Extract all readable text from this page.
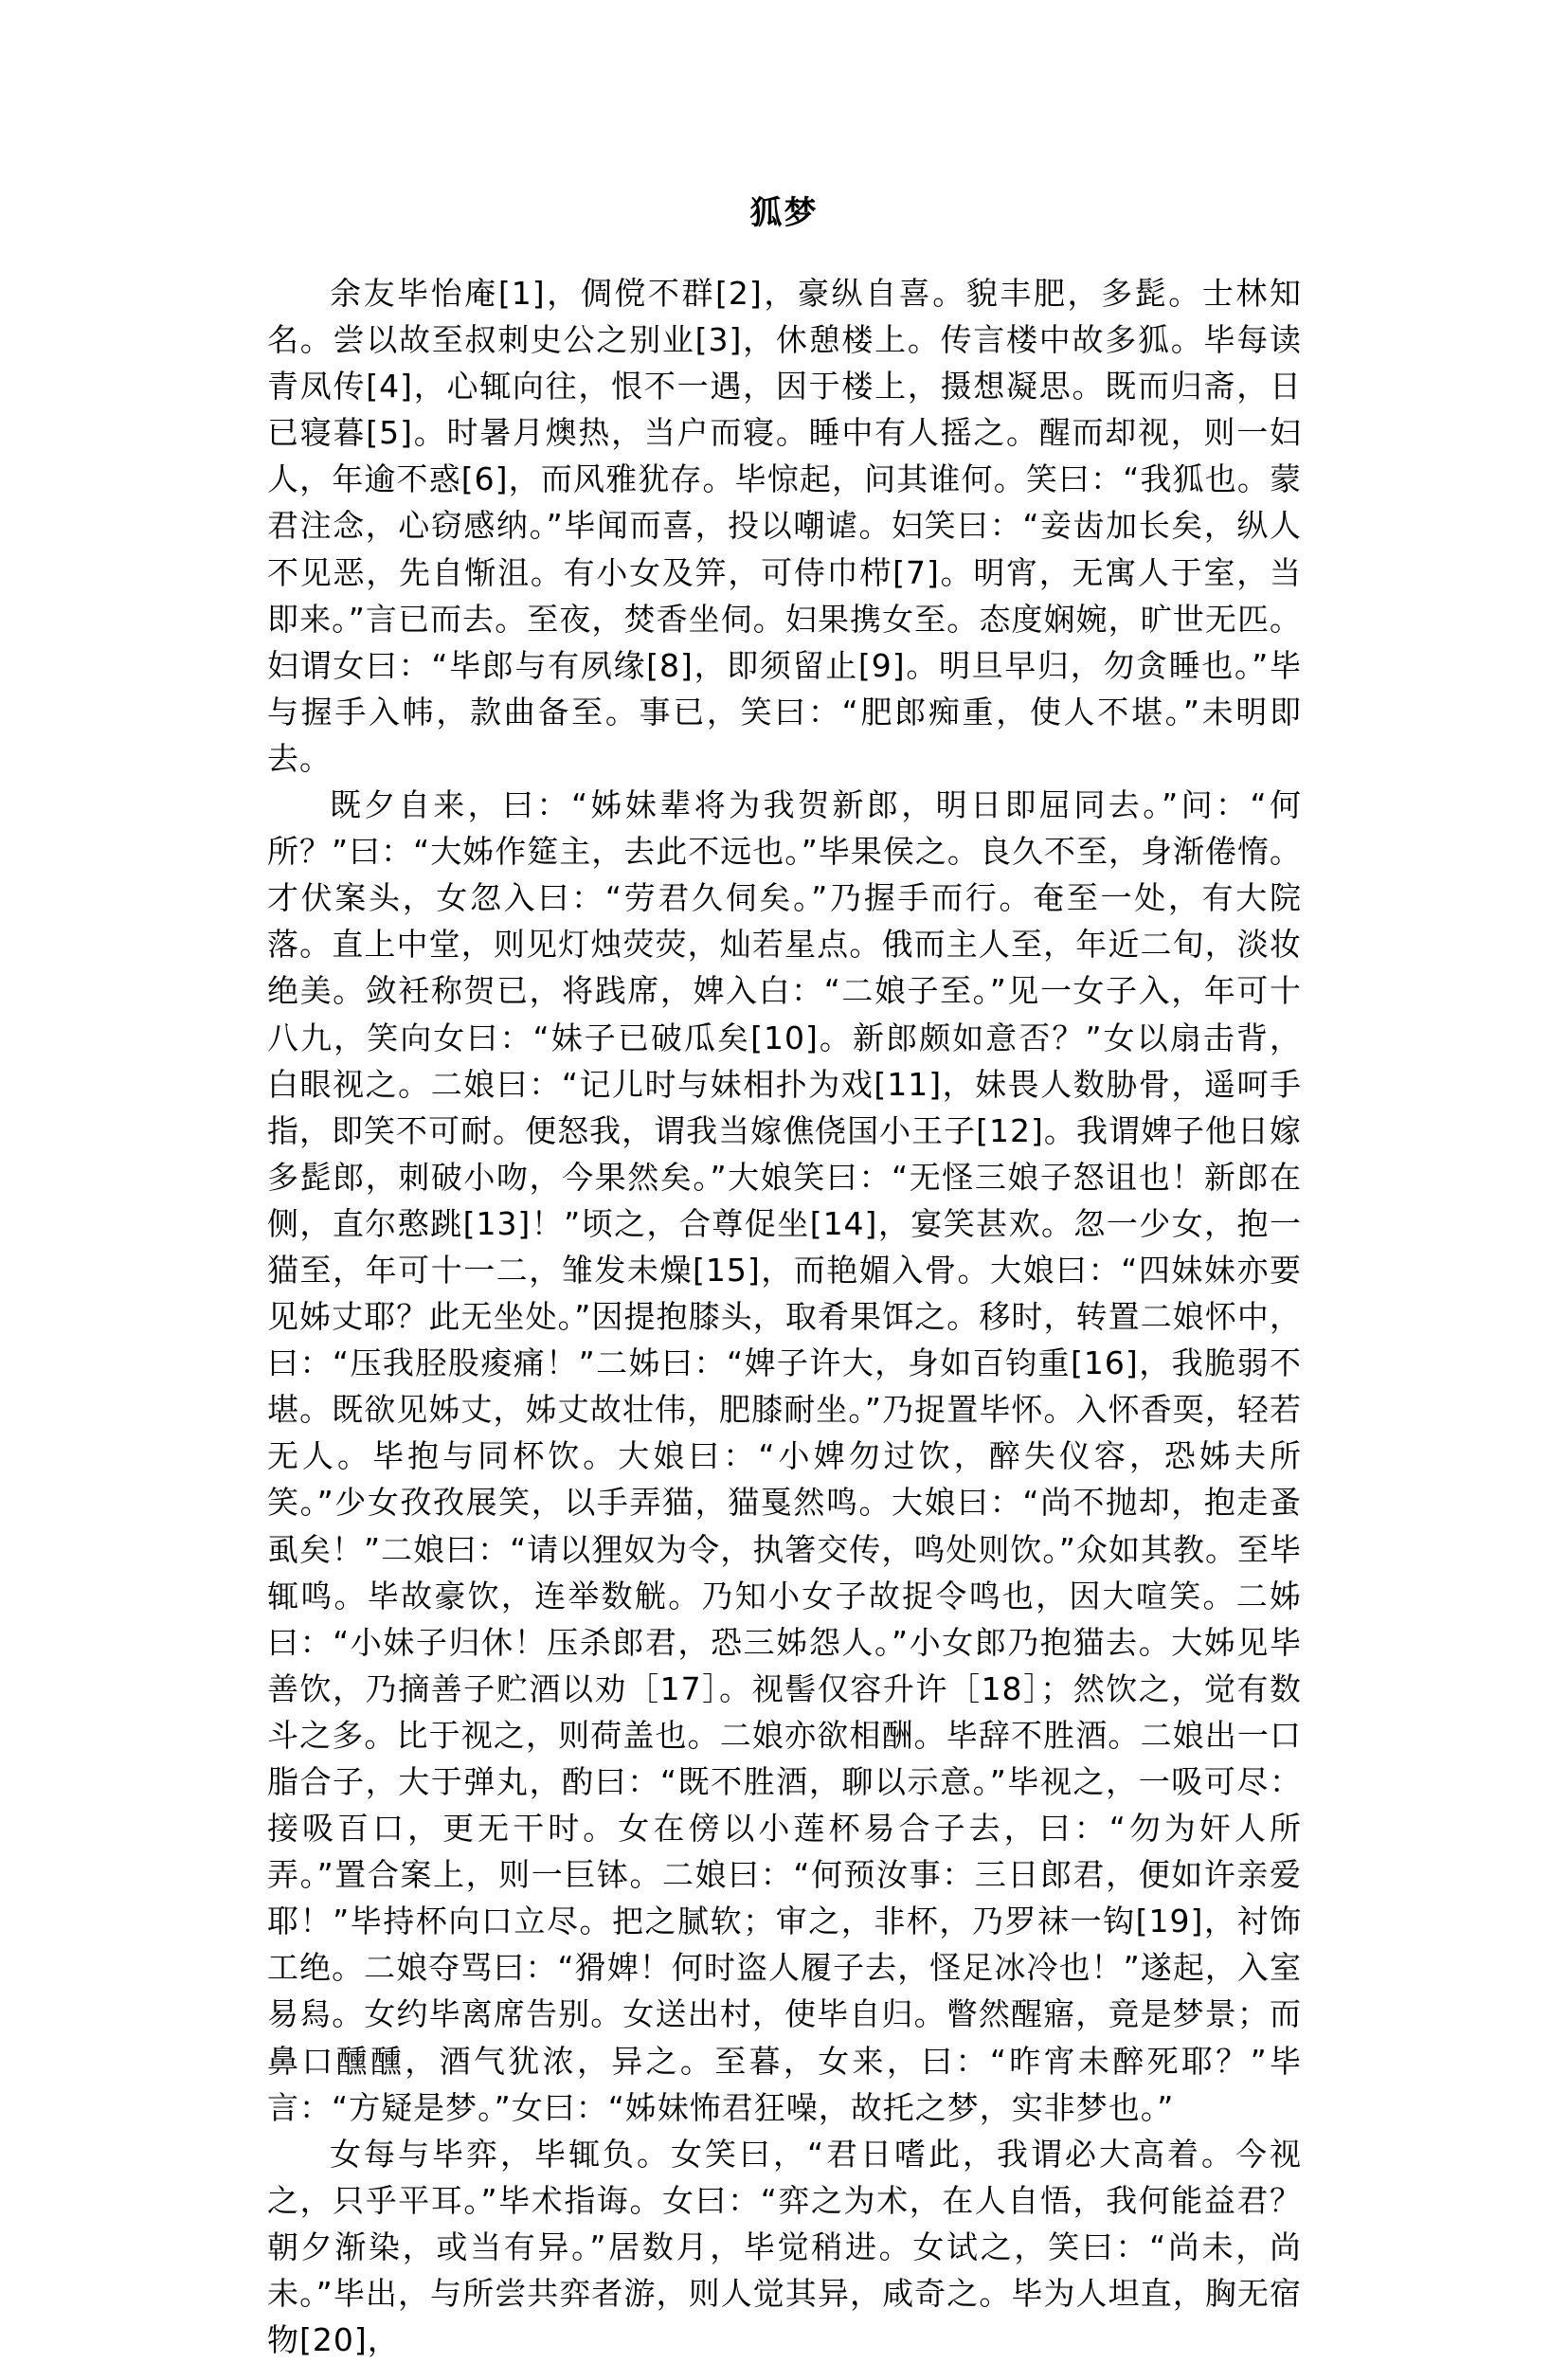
狐梦

余友毕怡庵[1]，倜傥不群[2]，豪纵自喜。貌丰肥，多髭。士林知名。尝以故至叔刺史公之别业[3]，休憩楼上。传言楼中故多狐。毕每读青凤传[4]，心辄向往，恨不一遇，因于楼上，摄想凝思。既而归斋，日已寝暮[5]。时暑月燠热，当户而寝。睡中有人摇之。醒而却视，则一妇人，年逾不惑[6]，而风雅犹存。毕惊起，问其谁何。笑曰：“我狐也。蒙君注念，心窃感纳。”毕闻而喜，投以嘲谑。妇笑曰：“妾齿加长矣，纵人不见恶，先自惭沮。有小女及笄，可侍巾栉[7]。明宵，无寓人于室，当即来。”言已而去。至夜，焚香坐伺。妇果携女至。态度娴婉，旷世无匹。妇谓女曰：“毕郎与有夙缘[8]，即须留止[9]。明旦早归，勿贪睡也。”毕与握手入帏，款曲备至。事已，笑曰：“肥郎痴重，使人不堪。”未明即去。

既夕自来，曰：“姊妹辈将为我贺新郎，明日即屈同去。”问：“何所？”曰：“大姊作筵主，去此不远也。”毕果侯之。良久不至，身渐倦惰。才伏案头，女忽入曰：“劳君久伺矣。”乃握手而行。奄至一处，有大院落。直上中堂，则见灯烛荧荧，灿若星点。俄而主人至，年近二旬，淡妆绝美。敛衽称贺已，将践席，婢入白：“二娘子至。”见一女子入，年可十八九，笑向女曰：“妹子已破瓜矣[10]。新郎颇如意否？”女以扇击背，白眼视之。二娘曰：“记儿时与妹相扑为戏[11]，妹畏人数胁骨，遥呵手指，即笑不可耐。便怒我，谓我当嫁僬侥国小王子[12]。我谓婢子他日嫁多髭郎，刺破小吻，今果然矣。”大娘笑曰：“无怪三娘子怒诅也！新郎在侧，直尔憨跳[13]！”顷之，合尊促坐[14]，宴笑甚欢。忽一少女，抱一猫至，年可十一二，雏发未燥[15]，而艳媚入骨。大娘曰：“四妹妹亦要见姊丈耶？此无坐处。”因提抱膝头，取肴果饵之。移时，转置二娘怀中，曰：“压我胫股痠痛！”二姊曰：“婢子许大，身如百钧重[16]，我脆弱不堪。既欲见姊丈，姊丈故壮伟，肥膝耐坐。”乃捉置毕怀。入怀香耎，轻若无人。毕抱与同杯饮。大娘曰：“小婢勿过饮，醉失仪容，恐姊夫所笑。”少女孜孜展笑，以手弄猫，猫戛然鸣。大娘曰：“尚不抛却，抱走蚤虱矣！”二娘曰：“请以狸奴为令，执箸交传，鸣处则饮。”众如其教。至毕辄鸣。毕故豪饮，连举数觥。乃知小女子故捉令鸣也，因大喧笑。二姊曰：“小妹子归休！压杀郎君，恐三姊怨人。”小女郎乃抱猫去。大姊见毕善饮，乃摘善子贮酒以劝［17］。视髻仅容升许［18］；然饮之，觉有数斗之多。比于视之，则荷盖也。二娘亦欲相酬。毕辞不胜酒。二娘出一口脂合子，大于弹丸，酌曰：“既不胜酒，聊以示意。”毕视之，一吸可尽：接吸百口，更无干时。女在傍以小莲杯易合子去，曰：“勿为奸人所弄。”置合案上，则一巨钵。二娘曰：“何预汝事：三日郎君，便如许亲爱耶！”毕持杯向口立尽。把之腻软；审之，非杯，乃罗袜一钩[19]，衬饰工绝。二娘夺骂曰：“猾婢！何时盗人履子去，怪足冰冷也！”遂起，入室易舄。女约毕离席告别。女送出村，使毕自归。瞥然醒寤，竟是梦景；而鼻口醺醺，酒气犹浓，异之。至暮，女来，曰：“昨宵未醉死耶？”毕言：“方疑是梦。”女曰：“姊妹怖君狂噪，故托之梦，实非梦也。”

女每与毕弈，毕辄负。女笑曰，“君日嗜此，我谓必大高着。今视之，只乎平耳。”毕术指诲。女曰：“弈之为术，在人自悟，我何能益君？朝夕渐染，或当有异。”居数月，毕觉稍进。女试之，笑曰：“尚未，尚未。”毕出，与所尝共弈者游，则人觉其异，咸奇之。毕为人坦直，胸无宿物[20]，
